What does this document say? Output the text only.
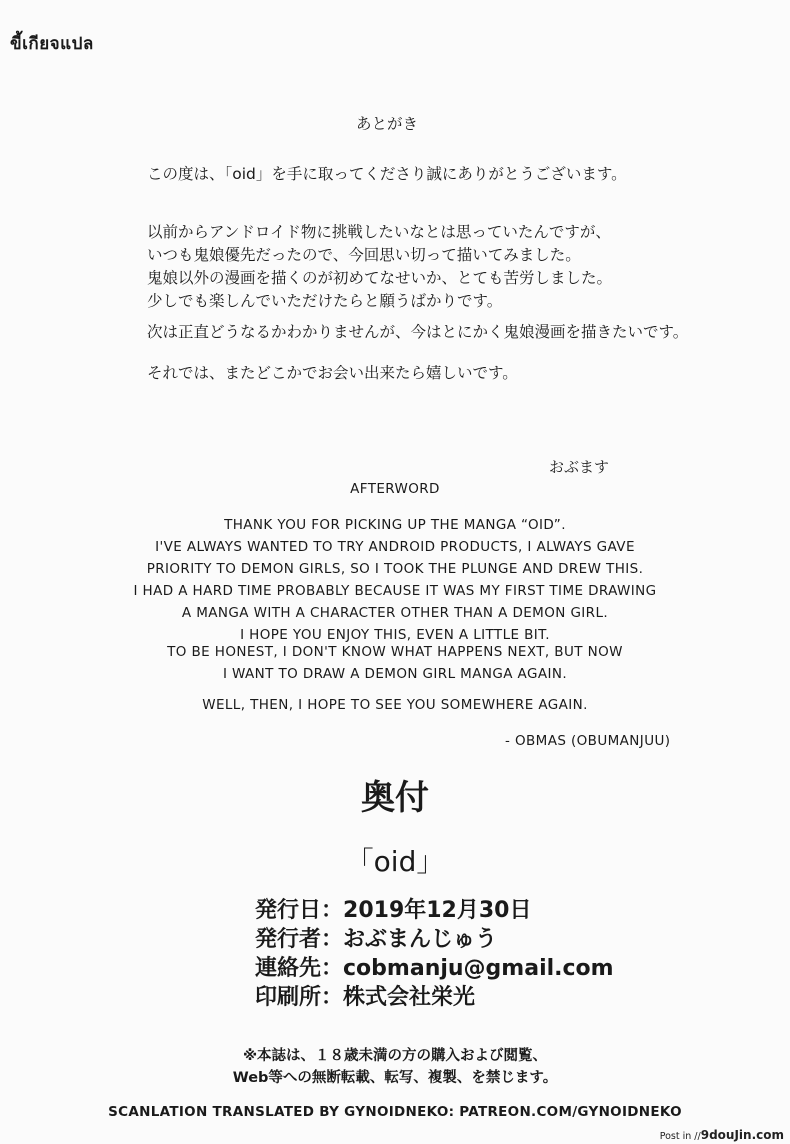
ขี้เกียจแปล
あとがき
この度は、「oid」を手に取ってくださり誠にありがとうございます。
以前からアンドロイド物に挑戦したいなとは思っていたんですが、
いつも鬼娘優先だったので、今回思い切って描いてみました。
鬼娘以外の漫画を描くのが初めてなせいか、とても苦労しました。
少しでも楽しんでいただけたらと願うばかりです。
次は正直どうなるかわかりませんが、今はとにかく鬼娘漫画を描きたいです。
それでは、またどこかでお会い出来たら嬉しいです。
おぶます
AFTERWORD
THANK YOU FOR PICKING UP THE MANGA “OID”.
I'VE ALWAYS WANTED TO TRY ANDROID PRODUCTS, I ALWAYS GAVE
PRIORITY TO DEMON GIRLS, SO I TOOK THE PLUNGE AND DREW THIS.
I HAD A HARD TIME PROBABLY BECAUSE IT WAS MY FIRST TIME DRAWING
A MANGA WITH A CHARACTER OTHER THAN A DEMON GIRL.
I HOPE YOU ENJOY THIS, EVEN A LITTLE BIT.
TO BE HONEST, I DON'T KNOW WHAT HAPPENS NEXT, BUT NOW
I WANT TO DRAW A DEMON GIRL MANGA AGAIN.
WELL, THEN, I HOPE TO SEE YOU SOMEWHERE AGAIN.
- OBMAS (OBUMANJUU)
奥付
「oid」
発行日：2019年12月30日
発行者：おぶまんじゅう
連絡先：cobmanju@gmail.com
印刷所：株式会社栄光
※本誌は、１８歳未満の方の購入および閲覧、
Web等への無断転載、転写、複製、を禁じます。
SCANLATION TRANSLATED BY GYNOIDNEKO: PATREON.COM/GYNOIDNEKO
Post in //9douJin.com
